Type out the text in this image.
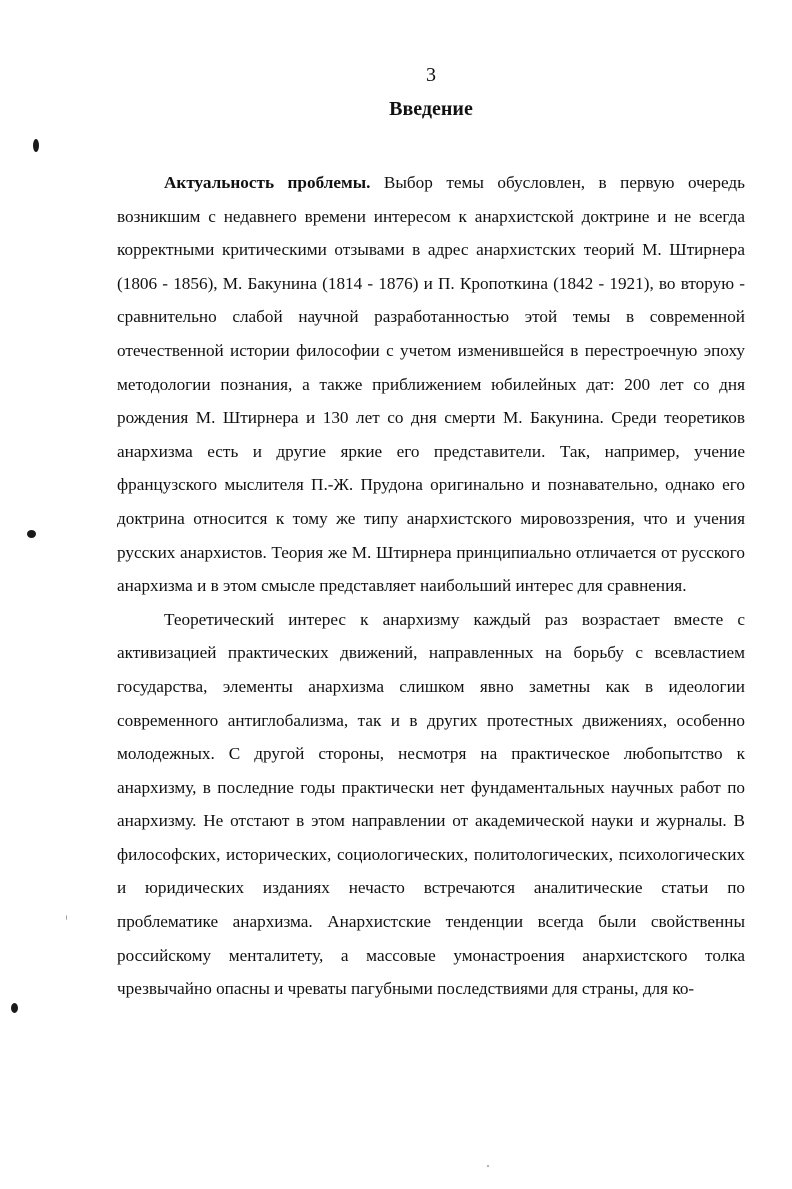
3
Введение

Актуальность проблемы. Выбор темы обусловлен, в первую очередь возникшим с недавнего времени интересом к анархистской доктрине и не всегда корректными критическими отзывами в адрес анархистских теорий М. Штирнера (1806 - 1856), М. Бакунина (1814 - 1876) и П. Кропоткина (1842 - 1921), во вторую - сравнительно слабой научной разработанностью этой темы в современной отечественной истории философии с учетом изменившейся в перестроечную эпоху методологии познания, а также приближением юбилейных дат: 200 лет со дня рождения М. Штирнера и 130 лет со дня смерти М. Бакунина. Среди теоретиков анархизма есть и другие яркие его представители. Так, например, учение французского мыслителя П.-Ж. Прудона оригинально и познавательно, однако его доктрина относится к тому же типу анархистского мировоззрения, что и учения русских анархистов. Теория же М. Штирнера принципиально отличается от русского анархизма и в этом смысле представляет наибольший интерес для сравнения.

Теоретический интерес к анархизму каждый раз возрастает вместе с активизацией практических движений, направленных на борьбу с всевластием государства, элементы анархизма слишком явно заметны как в идеологии современного антиглобализма, так и в других протестных движениях, особенно молодежных. С другой стороны, несмотря на практическое любопытство к анархизму, в последние годы практически нет фундаментальных научных работ по анархизму. Не отстают в этом направлении от академической науки и журналы. В философских, исторических, социологических, политологических, психологических и юридических изданиях нечасто встречаются аналитические статьи по проблематике анархизма. Анархистские тенденции всегда были свойственны российскому менталитету, а массовые умонастроения анархистского толка чрезвычайно опасны и чреваты пагубными последствиями для страны, для ко-
